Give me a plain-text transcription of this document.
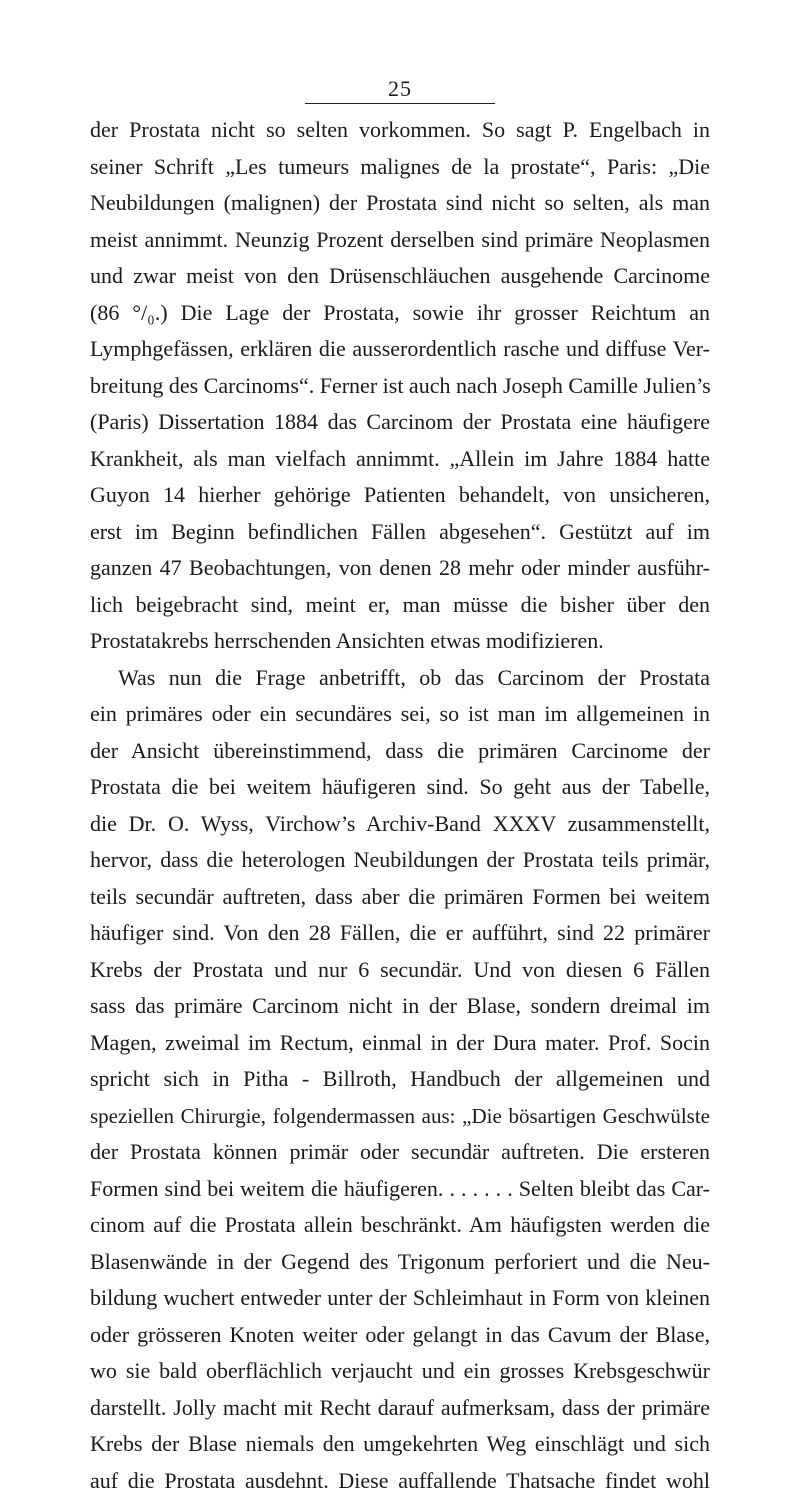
25
der Prostata nicht so selten vorkommen. So sagt P. Engelbach in
seiner Schrift „Les tumeurs malignes de la prostate“, Paris: „Die
Neubildungen (malignen) der Prostata sind nicht so selten, als man
meist annimmt. Neunzig Prozent derselben sind primäre Neoplasmen
und zwar meist von den Drüsenschläuchen ausgehende Carcinome
(86 °/₀.) Die Lage der Prostata, sowie ihr grosser Reichtum an
Lymphgefässen, erklären die ausserordentlich rasche und diffuse Ver-
breitung des Carcinoms“. Ferner ist auch nach Joseph Camille Julien’s
(Paris) Dissertation 1884 das Carcinom der Prostata eine häufigere
Krankheit, als man vielfach annimmt. „Allein im Jahre 1884 hatte
Guyon 14 hierher gehörige Patienten behandelt, von unsicheren,
erst im Beginn befindlichen Fällen abgesehen“. Gestützt auf im
ganzen 47 Beobachtungen, von denen 28 mehr oder minder ausführ-
lich beigebracht sind, meint er, man müsse die bisher über den
Prostatakrebs herrschenden Ansichten etwas modifizieren.
Was nun die Frage anbetrifft, ob das Carcinom der Prostata
ein primäres oder ein secundäres sei, so ist man im allgemeinen in
der Ansicht übereinstimmend, dass die primären Carcinome der
Prostata die bei weitem häufigeren sind. So geht aus der Tabelle,
die Dr. O. Wyss, Virchow’s Archiv-Band XXXV zusammenstellt,
hervor, dass die heterologen Neubildungen der Prostata teils primär,
teils secundär auftreten, dass aber die primären Formen bei weitem
häufiger sind. Von den 28 Fällen, die er aufführt, sind 22 primärer
Krebs der Prostata und nur 6 secundär. Und von diesen 6 Fällen
sass das primäre Carcinom nicht in der Blase, sondern dreimal im
Magen, zweimal im Rectum, einmal in der Dura mater. Prof. Socin
spricht sich in Pitha - Billroth, Handbuch der allgemeinen und
speziellen Chirurgie, folgendermassen aus: „Die bösartigen Geschwülste
der Prostata können primär oder secundär auftreten. Die ersteren
Formen sind bei weitem die häufigeren. . . . . . . Selten bleibt das Car-
cinom auf die Prostata allein beschränkt. Am häufigsten werden die
Blasenwände in der Gegend des Trigonum perforiert und die Neu-
bildung wuchert entweder unter der Schleimhaut in Form von kleinen
oder grösseren Knoten weiter oder gelangt in das Cavum der Blase,
wo sie bald oberflächlich verjaucht und ein grosses Krebsgeschwür
darstellt. Jolly macht mit Recht darauf aufmerksam, dass der primäre
Krebs der Blase niemals den umgekehrten Weg einschlägt und sich
auf die Prostata ausdehnt. Diese auffallende Thatsache findet wohl
